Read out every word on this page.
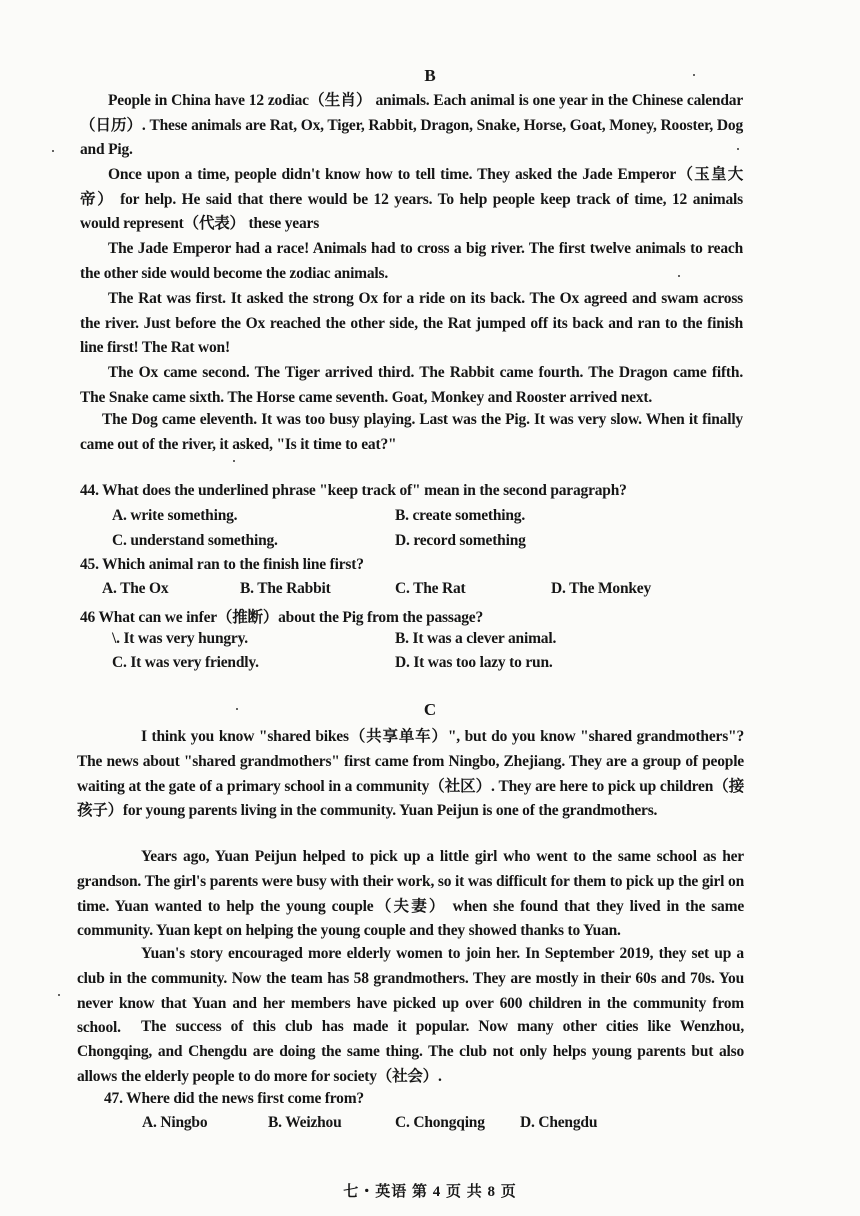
B
People in China have 12 zodiac（生肖） animals. Each animal is one year in the Chinese calendar（日历）. These animals are Rat, Ox, Tiger, Rabbit, Dragon, Snake, Horse, Goat, Money, Rooster, Dog and Pig.
Once upon a time, people didn't know how to tell time. They asked the Jade Emperor（玉皇大帝） for help. He said that there would be 12 years. To help people keep track of time, 12 animals would represent（代表） these years
The Jade Emperor had a race! Animals had to cross a big river. The first twelve animals to reach the other side would become the zodiac animals.
The Rat was first. It asked the strong Ox for a ride on its back. The Ox agreed and swam across the river. Just before the Ox reached the other side, the Rat jumped off its back and ran to the finish line first! The Rat won!
The Ox came second. The Tiger arrived third. The Rabbit came fourth. The Dragon came fifth. The Snake came sixth. The Horse came seventh. Goat, Monkey and Rooster arrived next.
The Dog came eleventh. It was too busy playing. Last was the Pig. It was very slow. When it finally came out of the river, it asked, "Is it time to eat?"
44. What does the underlined phrase "keep track of" mean in the second paragraph?
A. write something.	B. create something.
C. understand something.	D. record something
45. Which animal ran to the finish line first?
A. The Ox	B. The Rabbit	C. The Rat	D. The Monkey
46 What can we infer（推断）about the Pig from the passage?
\. It was very hungry.	B. It was a clever animal.
C. It was very friendly.	D. It was too lazy to run.
C
I think you know "shared bikes（共享单车）", but do you know "shared grandmothers"? The news about "shared grandmothers" first came from Ningbo, Zhejiang. They are a group of people waiting at the gate of a primary school in a community（社区）. They are here to pick up children（接孩子）for young parents living in the community. Yuan Peijun is one of the grandmothers.
Years ago, Yuan Peijun helped to pick up a little girl who went to the same school as her grandson. The girl's parents were busy with their work, so it was difficult for them to pick up the girl on time. Yuan wanted to help the young couple（夫妻） when she found that they lived in the same community. Yuan kept on helping the young couple and they showed thanks to Yuan.
Yuan's story encouraged more elderly women to join her. In September 2019, they set up a club in the community. Now the team has 58 grandmothers. They are mostly in their 60s and 70s. You never know that Yuan and her members have picked up over 600 children in the community from school.	The success of this club has made it popular. Now many other cities like Wenzhou, Chongqing, and Chengdu are doing the same thing. The club not only helps young parents but also allows the elderly people to do more for society（社会）.
47. Where did the news first come from?
A. Ningbo	B. Weizhou	C. Chongqing D. Chengdu
七・英语 第 4 页 共 8 页
